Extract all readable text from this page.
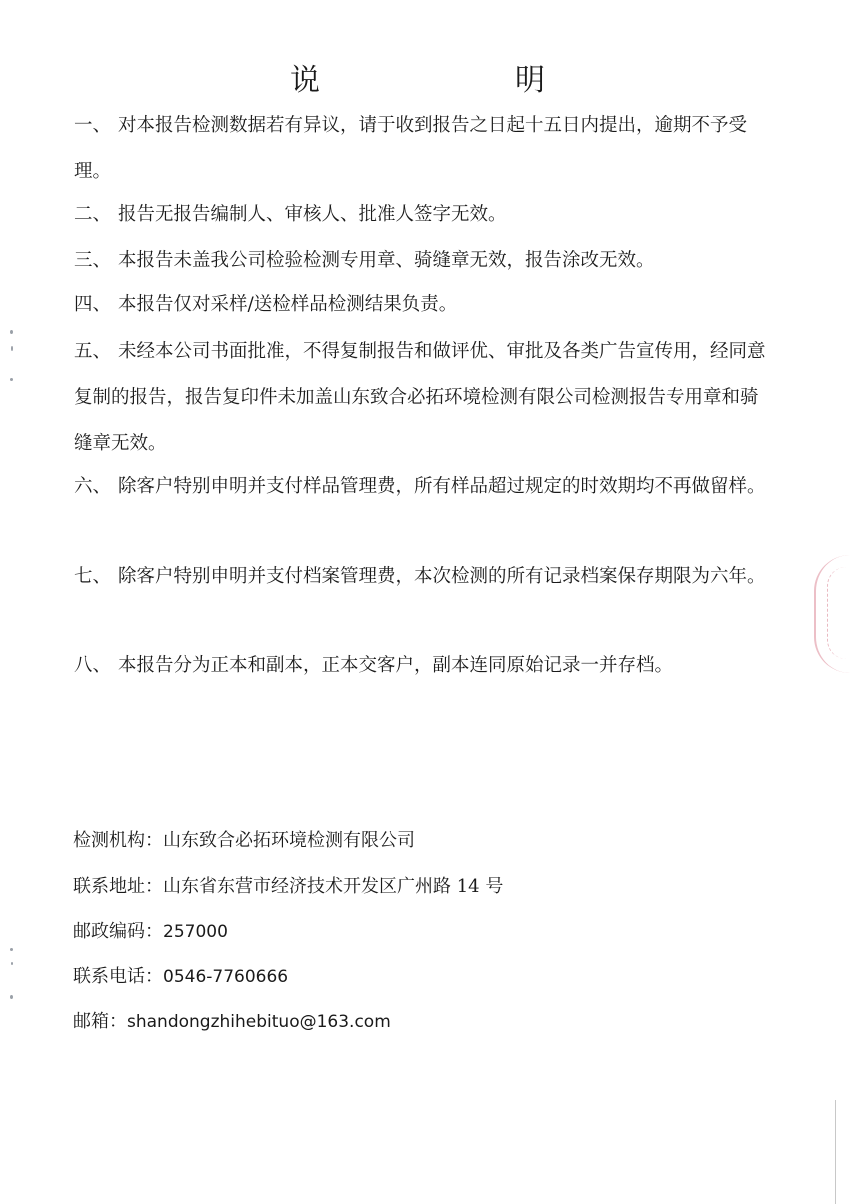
说	明
一、 对本报告检测数据若有异议，请于收到报告之日起十五日内提出，逾期不予受理。
二、 报告无报告编制人、审核人、批准人签字无效。
三、 本报告未盖我公司检验检测专用章、骑缝章无效，报告涂改无效。
四、 本报告仅对采样/送检样品检测结果负责。
五、 未经本公司书面批准，不得复制报告和做评优、审批及各类广告宣传用，经同意复制的报告，报告复印件未加盖山东致合必拓环境检测有限公司检测报告专用章和骑缝章无效。
六、 除客户特别申明并支付样品管理费，所有样品超过规定的时效期均不再做留样。
七、 除客户特别申明并支付档案管理费，本次检测的所有记录档案保存期限为六年。
八、 本报告分为正本和副本，正本交客户，副本连同原始记录一并存档。
检测机构：山东致合必拓环境检测有限公司
联系地址：山东省东营市经济技术开发区广州路 14 号
邮政编码：257000
联系电话：0546-7760666
邮箱：shandongzhihebituo@163.com
